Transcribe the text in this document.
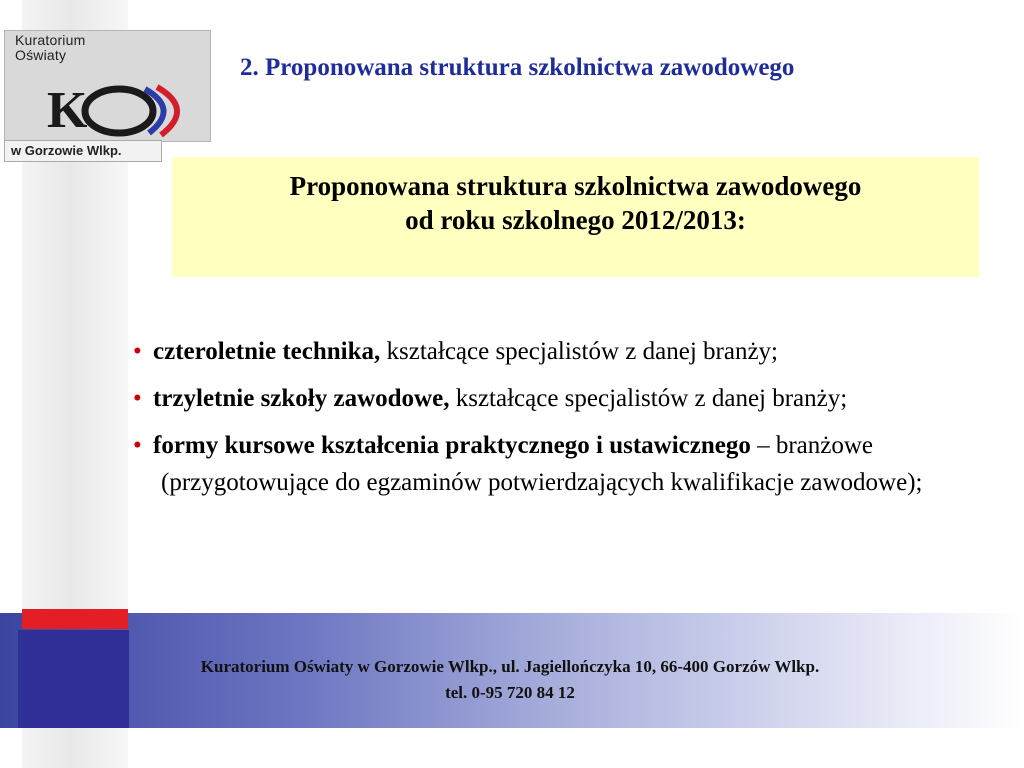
Kuratorium
Oświaty
K
w Gorzowie Wlkp.
2. Proponowana struktura szkolnictwa zawodowego
Proponowana struktura szkolnictwa zawodowego
od roku szkolnego 2012/2013:
• czteroletnie technika, kształcące specjalistów z danej branży;
• trzyletnie szkoły zawodowe, kształcące specjalistów z danej branży;
• formy kursowe kształcenia praktycznego i ustawicznego – branżowe (przygotowujące do egzaminów potwierdzających kwalifikacje zawodowe);
Kuratorium Oświaty w Gorzowie Wlkp., ul. Jagiellończyka 10, 66-400 Gorzów Wlkp.
tel. 0-95 720 84 12
